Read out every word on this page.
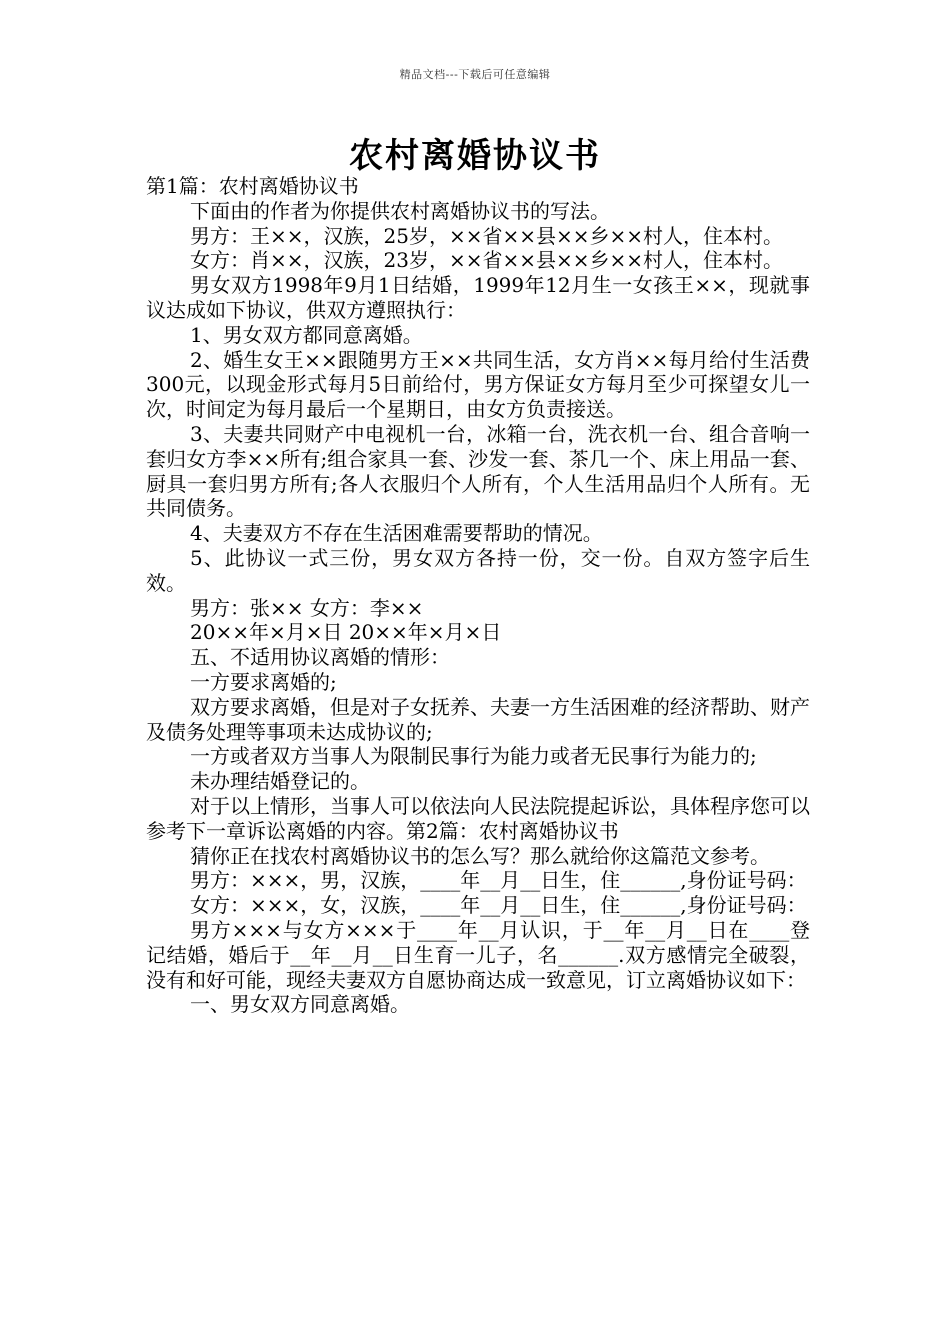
精品文档---下载后可任意编辑
农村离婚协议书

第1篇：农村离婚协议书

下面由的作者为你提供农村离婚协议书的写法。

男方：王××，汉族，25岁，××省××县××乡××村人，住本村。

女方：肖××，汉族，23岁，××省××县××乡××村人，住本村。

男女双方1998年9月1日结婚，1999年12月生一女孩王××，现就事议达成如下协议，供双方遵照执行：

1、男女双方都同意离婚。

2、婚生女王××跟随男方王××共同生活，女方肖××每月给付生活费300元，以现金形式每月5日前给付，男方保证女方每月至少可探望女儿一次，时间定为每月最后一个星期日，由女方负责接送。

3、夫妻共同财产中电视机一台，冰箱一台，洗衣机一台、组合音响一套归女方李××所有;组合家具一套、沙发一套、茶几一个、床上用品一套、厨具一套归男方所有;各人衣服归个人所有，个人生活用品归个人所有。无共同债务。

4、夫妻双方不存在生活困难需要帮助的情况。

5、此协议一式三份，男女双方各持一份，交一份。自双方签字后生效。

男方：张×× 女方：李××

20××年×月×日 20××年×月×日

五、不适用协议离婚的情形：

一方要求离婚的;

双方要求离婚，但是对子女抚养、夫妻一方生活困难的经济帮助、财产及债务处理等事项未达成协议的;

一方或者双方当事人为限制民事行为能力或者无民事行为能力的;

未办理结婚登记的。

对于以上情形，当事人可以依法向人民法院提起诉讼，具体程序您可以参考下一章诉讼离婚的内容。第2篇：农村离婚协议书

猜你正在找农村离婚协议书的怎么写？那么就给你这篇范文参考。

男方：×××，男，汉族，____年__月__日生，住______,身份证号码：

女方：×××，女，汉族，____年__月__日生，住______,身份证号码：

男方×××与女方×××于____年__月认识，于__年__月__日在____登记结婚，婚后于__年__月__日生育一儿子，名______.双方感情完全破裂，没有和好可能，现经夫妻双方自愿协商达成一致意见，订立离婚协议如下：

一、男女双方同意离婚。
